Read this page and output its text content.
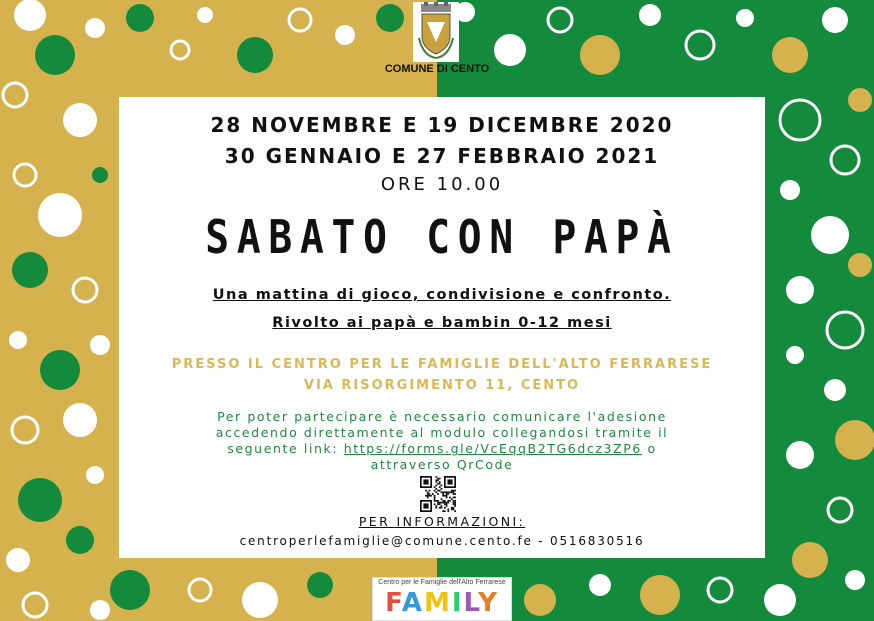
COMUNE DI CENTO
28 NOVEMBRE E 19 DICEMBRE 2020
30 GENNAIO E 27 FEBBRAIO 2021
ORE 10.00
SABATO CON PAPÀ
Una mattina di gioco, condivisione e confronto.
Rivolto ai papà e bambin 0-12 mesi
PRESSO IL CENTRO PER LE FAMIGLIE DELL'ALTO FERRARESE
VIA RISORGIMENTO 11, CENTO
Per poter partecipare è necessario comunicare l'adesione
accedendo direttamente al modulo collegandosi tramite il
seguente link: https://forms.gle/VcEqqB2TG6dcz3ZP6 o
attraverso QrCode
PER INFORMAZIONI:
centroperlefamiglie@comune.cento.fe - 0516830516
Centro per le Famiglie dell'Alto Ferrarese
FAMILY
